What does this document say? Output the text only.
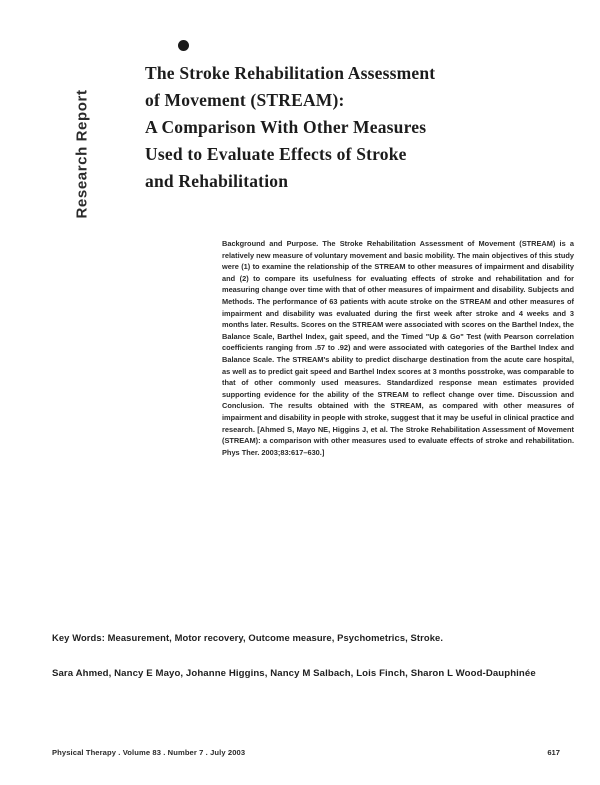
Research Report
The Stroke Rehabilitation Assessment
of Movement (STREAM):
A Comparison With Other Measures
Used to Evaluate Effects of Stroke
and Rehabilitation
Background and Purpose. The Stroke Rehabilitation Assessment of Movement (STREAM) is a relatively new measure of voluntary movement and basic mobility. The main objectives of this study were (1) to examine the relationship of the STREAM to other measures of impairment and disability and (2) to compare its usefulness for evaluating effects of stroke and rehabilitation and for measuring change over time with that of other measures of impairment and disability. Subjects and Methods. The performance of 63 patients with acute stroke on the STREAM and other measures of impairment and disability was evaluated during the first week after stroke and 4 weeks and 3 months later. Results. Scores on the STREAM were associated with scores on the Barthel Index, the Balance Scale, Barthel Index, gait speed, and the Timed "Up & Go" Test (with Pearson correlation coefficients ranging from .57 to .92) and were associated with categories of the Barthel Index and Balance Scale. The STREAM's ability to predict discharge destination from the acute care hospital, as well as to predict gait speed and Barthel Index scores at 3 months posstroke, was comparable to that of other commonly used measures. Standardized response mean estimates provided supporting evidence for the ability of the STREAM to reflect change over time. Discussion and Conclusion. The results obtained with the STREAM, as compared with other measures of impairment and disability in people with stroke, suggest that it may be useful in clinical practice and research. [Ahmed S, Mayo NE, Higgins J, et al. The Stroke Rehabilitation Assessment of Movement (STREAM): a comparison with other measures used to evaluate effects of stroke and rehabilitation. Phys Ther. 2003;83:617–630.]
Key Words: Measurement, Motor recovery, Outcome measure, Psychometrics, Stroke.
Sara Ahmed, Nancy E Mayo, Johanne Higgins, Nancy M Salbach, Lois Finch, Sharon L Wood-Dauphinée
Physical Therapy . Volume 83 . Number 7 . July 2003	617
